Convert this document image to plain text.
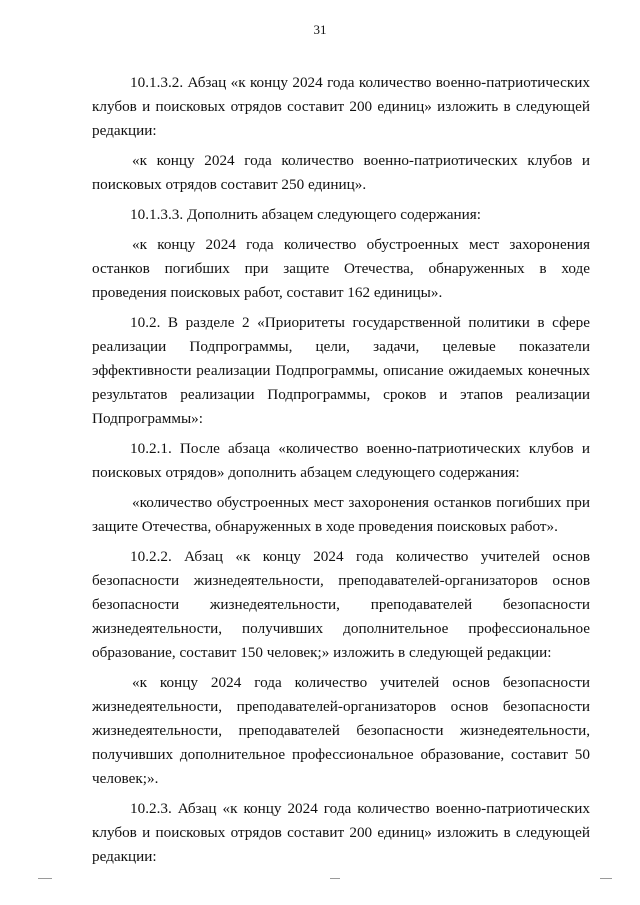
31

10.1.3.2. Абзац «к концу 2024 года количество военно-патриотических клубов и поисковых отрядов составит 200 единиц» изложить в следующей редакции:

«к концу 2024 года количество военно-патриотических клубов и поисковых отрядов составит 250 единиц».

10.1.3.3. Дополнить абзацем следующего содержания:

«к концу 2024 года количество обустроенных мест захоронения останков погибших при защите Отечества, обнаруженных в ходе проведения поисковых работ, составит 162 единицы».

10.2. В разделе 2 «Приоритеты государственной политики в сфере реализации Подпрограммы, цели, задачи, целевые показатели эффективности реализации Подпрограммы, описание ожидаемых конечных результатов реализации Подпрограммы, сроков и этапов реализации Подпрограммы»:

10.2.1. После абзаца «количество военно-патриотических клубов и поисковых отрядов» дополнить абзацем следующего содержания:

«количество обустроенных мест захоронения останков погибших при защите Отечества, обнаруженных в ходе проведения поисковых работ».

10.2.2. Абзац «к концу 2024 года количество учителей основ безопасности жизнедеятельности, преподавателей-организаторов основ безопасности жизнедеятельности, преподавателей безопасности жизнедеятельности, получивших дополнительное профессиональное образование, составит 150 человек;» изложить в следующей редакции:

«к концу 2024 года количество учителей основ безопасности жизнедеятельности, преподавателей-организаторов основ безопасности жизнедеятельности, преподавателей безопасности жизнедеятельности, получивших дополнительное профессиональное образование, составит 50 человек;».

10.2.3. Абзац «к концу 2024 года количество военно-патриотических клубов и поисковых отрядов составит 200 единиц» изложить в следующей редакции:
